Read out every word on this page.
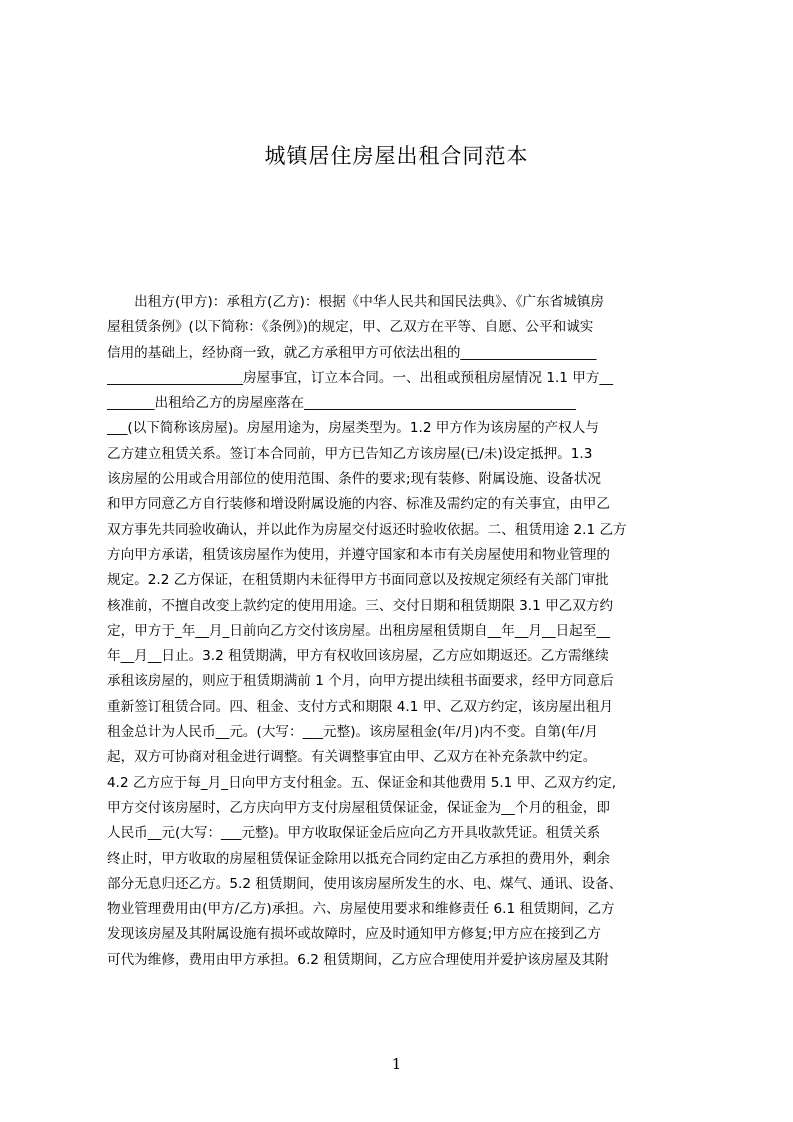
城镇居住房屋出租合同范本
　　出租方(甲方)：承租方(乙方)：根据《中华人民共和国民法典》、《广东省城镇房
屋租赁条例》(以下简称：《条例》)的规定，甲、乙双方在平等、自愿、公平和诚实
信用的基础上，经协商一致，就乙方承租甲方可依法出租的____________________
____________________房屋事宜，订立本合同。一、出租或预租房屋情况 1.1 甲方__
_______出租给乙方的房屋座落在________________________________________
___(以下简称该房屋)。房屋用途为，房屋类型为。1.2 甲方作为该房屋的产权人与
乙方建立租赁关系。签订本合同前，甲方已告知乙方该房屋(已/未)设定抵押。1.3
该房屋的公用或合用部位的使用范围、条件的要求;现有装修、附属设施、设备状况
和甲方同意乙方自行装修和增设附属设施的内容、标准及需约定的有关事宜，由甲乙
双方事先共同验收确认，并以此作为房屋交付返还时验收依据。二、租赁用途 2.1 乙方
方向甲方承诺，租赁该房屋作为使用，并遵守国家和本市有关房屋使用和物业管理的
规定。2.2 乙方保证，在租赁期内未征得甲方书面同意以及按规定须经有关部门审批
核准前，不擅自改变上款约定的使用用途。三、交付日期和租赁期限 3.1 甲乙双方约
定，甲方于_年__月_日前向乙方交付该房屋。出租房屋租赁期自__年__月__日起至__
年__月__日止。3.2 租赁期满，甲方有权收回该房屋，乙方应如期返还。乙方需继续
承租该房屋的，则应于租赁期满前 1 个月，向甲方提出续租书面要求，经甲方同意后
重新签订租赁合同。四、租金、支付方式和期限 4.1 甲、乙双方约定，该房屋出租月
租金总计为人民币__元。(大写：___元整)。该房屋租金(年/月)内不变。自第(年/月
起，双方可协商对租金进行调整。有关调整事宜由甲、乙双方在补充条款中约定。
4.2 乙方应于每_月_日向甲方支付租金。五、保证金和其他费用 5.1 甲、乙双方约定,
甲方交付该房屋时，乙方庆向甲方支付房屋租赁保证金，保证金为__个月的租金，即
人民币__元(大写：___元整)。甲方收取保证金后应向乙方开具收款凭证。租赁关系
终止时，甲方收取的房屋租赁保证金除用以抵充合同约定由乙方承担的费用外，剩余
部分无息归还乙方。5.2 租赁期间，使用该房屋所发生的水、电、煤气、通讯、设备、
物业管理费用由(甲方/乙方)承担。六、房屋使用要求和维修责任 6.1 租赁期间，乙方
发现该房屋及其附属设施有损坏或故障时，应及时通知甲方修复;甲方应在接到乙方
可代为维修，费用由甲方承担。6.2 租赁期间，乙方应合理使用并爱护该房屋及其附
1
